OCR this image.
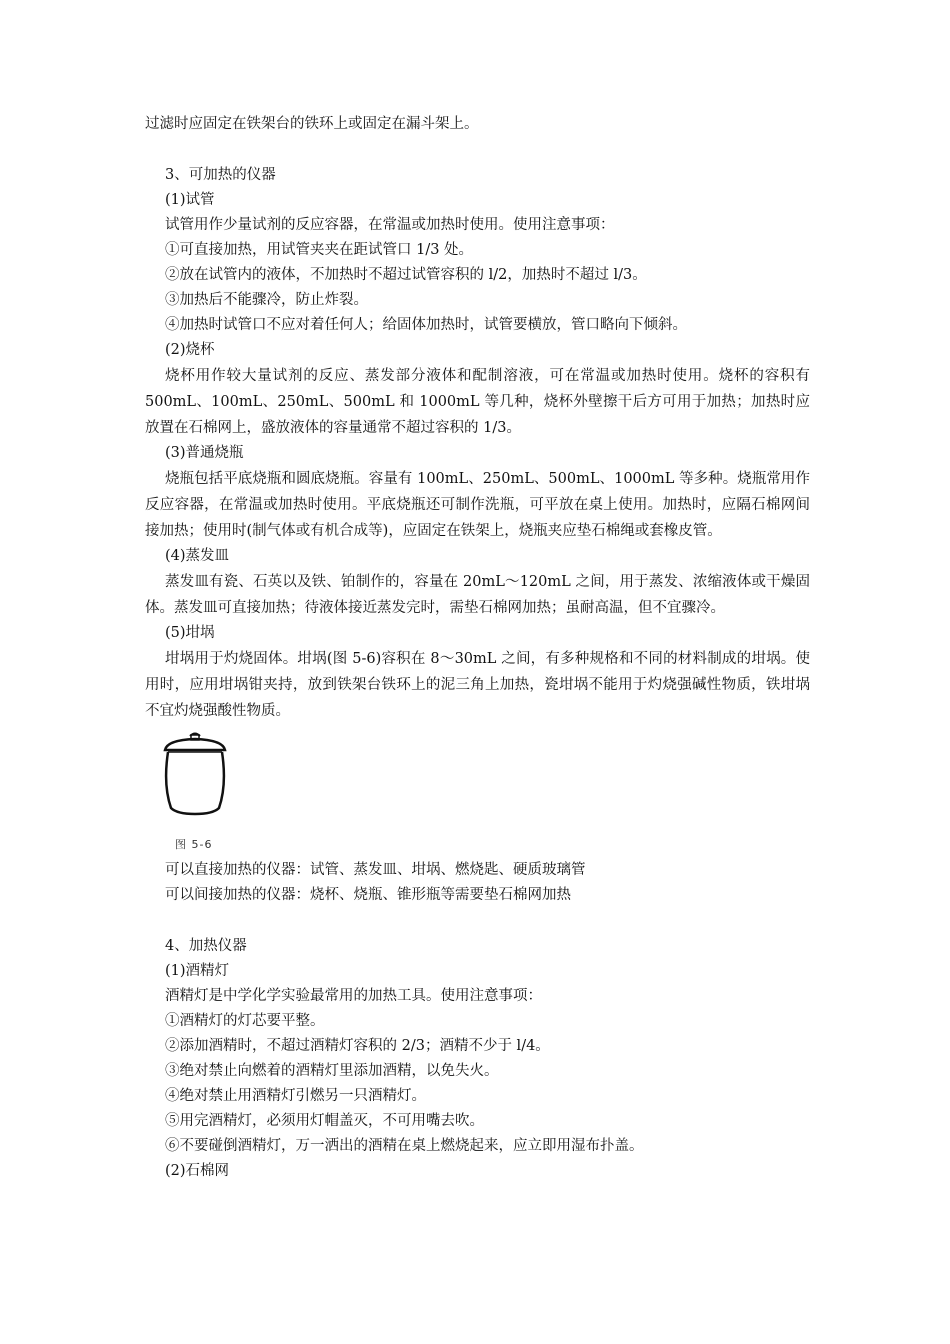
过滤时应固定在铁架台的铁环上或固定在漏斗架上。
3、可加热的仪器
(1)试管
试管用作少量试剂的反应容器，在常温或加热时使用。使用注意事项：
①可直接加热，用试管夹夹在距试管口 1/3 处。
②放在试管内的液体，不加热时不超过试管容积的 l/2，加热时不超过 l/3。
③加热后不能骤冷，防止炸裂。
④加热时试管口不应对着任何人；给固体加热时，试管要横放，管口略向下倾斜。
(2)烧杯
烧杯用作较大量试剂的反应、蒸发部分液体和配制溶液，可在常温或加热时使用。烧杯的容积有 500mL、100mL、250mL、500mL 和 1000mL 等几种，烧杯外壁擦干后方可用于加热；加热时应放置在石棉网上，盛放液体的容量通常不超过容积的 1/3。
(3)普通烧瓶
烧瓶包括平底烧瓶和圆底烧瓶。容量有 100mL、250mL、500mL、1000mL 等多种。烧瓶常用作反应容器，在常温或加热时使用。平底烧瓶还可制作洗瓶，可平放在桌上使用。加热时，应隔石棉网间接加热；使用时(制气体或有机合成等)，应固定在铁架上，烧瓶夹应垫石棉绳或套橡皮管。
(4)蒸发皿
蒸发皿有瓷、石英以及铁、铂制作的，容量在 20mL～120mL 之间，用于蒸发、浓缩液体或干燥固体。蒸发皿可直接加热；待液体接近蒸发完时，需垫石棉网加热；虽耐高温，但不宜骤冷。
(5)坩埚
坩埚用于灼烧固体。坩埚(图 5-6)容积在 8～30mL 之间，有多种规格和不同的材料制成的坩埚。使用时，应用坩埚钳夹持，放到铁架台铁环上的泥三角上加热，瓷坩埚不能用于灼烧强碱性物质，铁坩埚不宜灼烧强酸性物质。
图 5-6
可以直接加热的仪器：试管、蒸发皿、坩埚、燃烧匙、硬质玻璃管
可以间接加热的仪器：烧杯、烧瓶、锥形瓶等需要垫石棉网加热
4、加热仪器
(1)酒精灯
酒精灯是中学化学实验最常用的加热工具。使用注意事项：
①酒精灯的灯芯要平整。
②添加酒精时，不超过酒精灯容积的 2/3；酒精不少于 l/4。
③绝对禁止向燃着的酒精灯里添加酒精，以免失火。
④绝对禁止用酒精灯引燃另一只酒精灯。
⑤用完酒精灯，必须用灯帽盖灭，不可用嘴去吹。
⑥不要碰倒酒精灯，万一洒出的酒精在桌上燃烧起来，应立即用湿布扑盖。
(2)石棉网
